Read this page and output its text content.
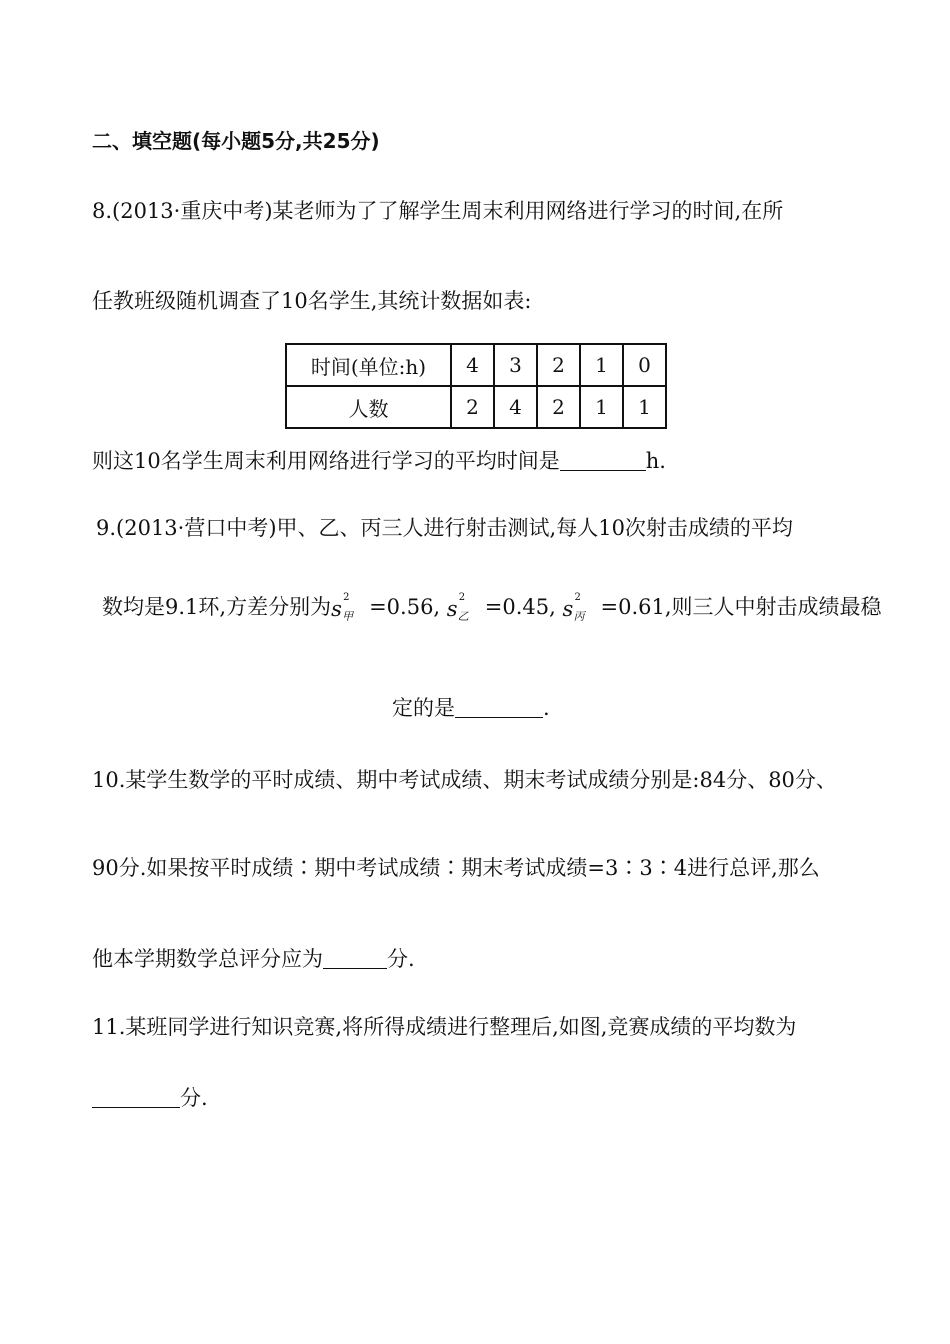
二、填空题(每小题5分,共25分)
8.(2013·重庆中考)某老师为了了解学生周末利用网络进行学习的时间,在所
任教班级随机调查了10名学生,其统计数据如表:
时间(单位:h)	4	3	2	1	0
人数	2	4	2	1	1
则这10名学生周末利用网络进行学习的平均时间是	h.
9.(2013·营口中考)甲、乙、丙三人进行射击测试,每人10次射击成绩的平均
数均是9.1环,方差分别为s 2
甲 =0.56, s 2
乙 =0.45, s 2
丙 =0.61,则三人中射击成绩最稳
定的是	.
10.某学生数学的平时成绩、期中考试成绩、期末考试成绩分别是:84分、80分、
90分.如果按平时成绩∶期中考试成绩∶期末考试成绩=3∶3∶4进行总评,那么
他本学期数学总评分应为	分.
11.某班同学进行知识竞赛,将所得成绩进行整理后,如图,竞赛成绩的平均数为
分.
